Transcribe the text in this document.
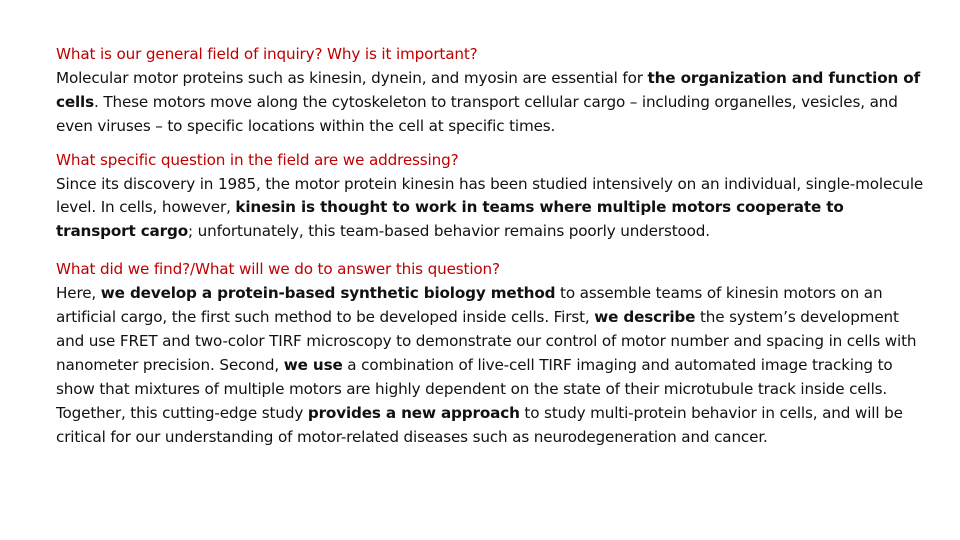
What is our general field of inquiry? Why is it important?
Molecular motor proteins such as kinesin, dynein, and myosin are essential for the organization and function of cells. These motors move along the cytoskeleton to transport cellular cargo – including organelles, vesicles, and even viruses – to specific locations within the cell at specific times.
What specific question in the field are we addressing?
Since its discovery in 1985, the motor protein kinesin has been studied intensively on an individual, single-molecule level. In cells, however, kinesin is thought to work in teams where multiple motors cooperate to transport cargo; unfortunately, this team-based behavior remains poorly understood.
What did we find?/What will we do to answer this question?
Here, we develop a protein-based synthetic biology method to assemble teams of kinesin motors on an artificial cargo, the first such method to be developed inside cells. First, we describe the system’s development and use FRET and two-color TIRF microscopy to demonstrate our control of motor number and spacing in cells with nanometer precision. Second, we use a combination of live-cell TIRF imaging and automated image tracking to show that mixtures of multiple motors are highly dependent on the state of their microtubule track inside cells. Together, this cutting-edge study provides a new approach to study multi-protein behavior in cells, and will be critical for our understanding of motor-related diseases such as neurodegeneration and cancer.
